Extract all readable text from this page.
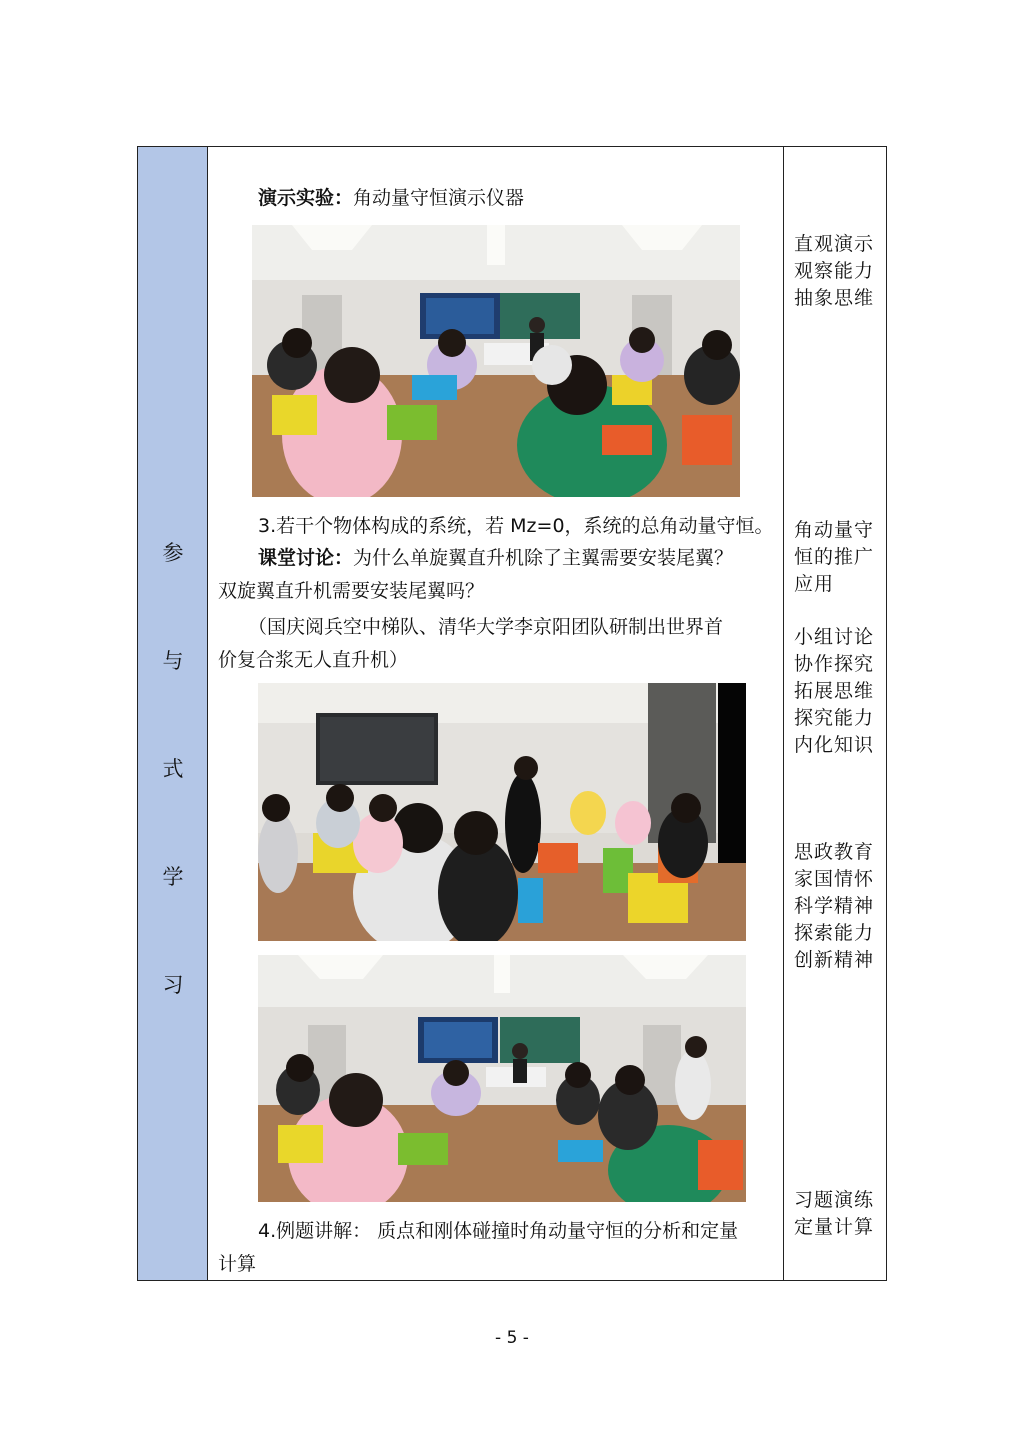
参
与
式
学
习
演示实验：角动量守恒演示仪器
3.若干个物体构成的系统，若 Mz=0，系统的总角动量守恒。
课堂讨论：为什么单旋翼直升机除了主翼需要安装尾翼？
双旋翼直升机需要安装尾翼吗？
（国庆阅兵空中梯队、清华大学李京阳团队研制出世界首
价复合浆无人直升机）
4.例题讲解： 质点和刚体碰撞时角动量守恒的分析和定量
计算
直观演示
观察能力
抽象思维
角动量守
恒的推广
应用
小组讨论
协作探究
拓展思维
探究能力
内化知识
思政教育
家国情怀
科学精神
探索能力
创新精神
习题演练
定量计算
- 5 -
